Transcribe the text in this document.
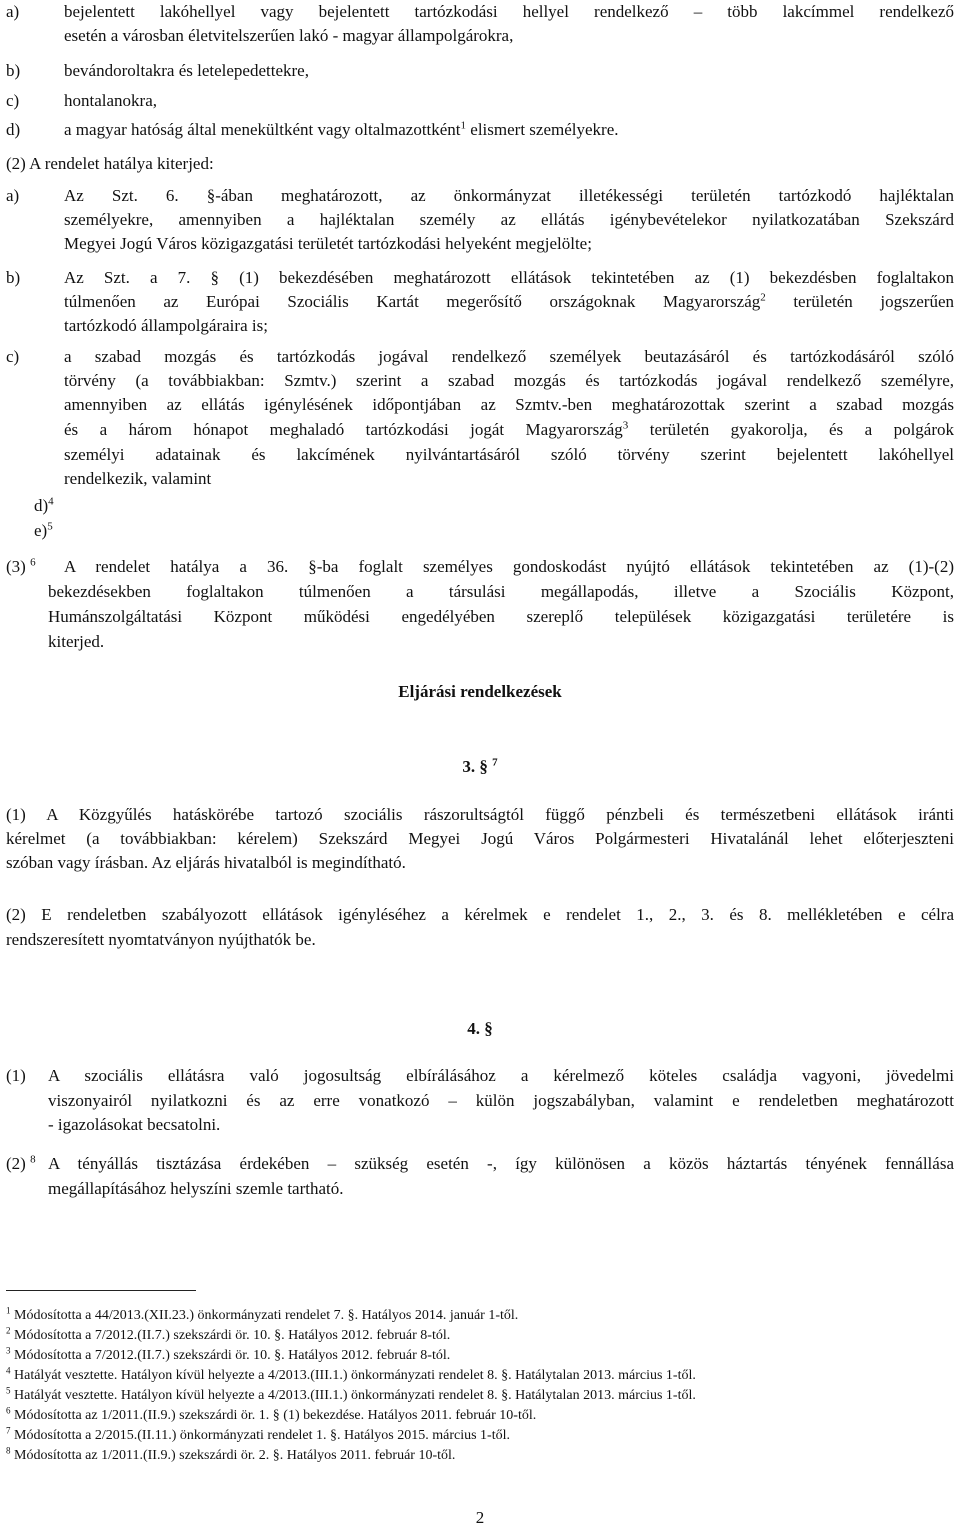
a)	bejelentett lakóhellyel vagy bejelentett tartózkodási hellyel rendelkező – több lakcímmel rendelkező
esetén a városban életvitelszerűen lakó - magyar állampolgárokra,
b)	bevándoroltakra és letelepedettekre,
c)	hontalanokra,
d)	a magyar hatóság által menekültként vagy oltalmazottként$^1$ elismert személyekre.
(2) A rendelet hatálya kiterjed:
a)	Az Szt. 6. §-ában meghatározott, az önkormányzat illetékességi területén tartózkodó hajléktalan
személyekre, amennyiben a hajléktalan személy az ellátás igénybevételekor nyilatkozatában Szekszárd
Megyei Jogú Város közigazgatási területét tartózkodási helyeként megjelölte;
b)	Az Szt. a 7. § (1) bekezdésében meghatározott ellátások tekintetében az (1) bekezdésben foglaltakon
túlmenően az Európai Szociális Kartát megerősítő országoknak Magyarország$^2$ területén jogszerűen
tartózkodó állampolgáraira is;
c)	a szabad mozgás és tartózkodás jogával rendelkező személyek beutazásáról és tartózkodásáról szóló
törvény (a továbbiakban: Szmtv.) szerint a szabad mozgás és tartózkodás jogával rendelkező személyre,
amennyiben az ellátás igénylésének időpontjában az Szmtv.-ben meghatározottak szerint a szabad mozgás
és a három hónapot meghaladó tartózkodási jogát Magyarország$^3$ területén gyakorolja, és a polgárok
személyi adatainak és lakcímének nyilvántartásáról szóló törvény szerint bejelentett lakóhellyel
rendelkezik, valamint
d)$^4$
e)$^5$
(3) $^6$ A rendelet hatálya a 36. §-ba foglalt személyes gondoskodást nyújtó ellátások tekintetében az (1)-(2)
bekezdésekben foglaltakon túlmenően a társulási megállapodás, illetve a Szociális Központ,
Humánszolgáltatási Központ működési engedélyében szereplő települések közigazgatási területére is
kiterjed.
Eljárási rendelkezések
3. § $^7$
(1) A Közgyűlés hatáskörébe tartozó szociális rászorultságtól függő pénzbeli és természetbeni ellátások iránti
kérelmet (a továbbiakban: kérelem) Szekszárd Megyei Jogú Város Polgármesteri Hivatalánál lehet előterjeszteni
szóban vagy írásban. Az eljárás hivatalból is megindítható.
(2) E rendeletben szabályozott ellátások igényléséhez a kérelmek e rendelet 1., 2., 3. és 8. mellékletében e célra
rendszeresített nyomtatványon nyújthatók be.
4. §
(1) A szociális ellátásra való jogosultság elbírálásához a kérelmező köteles családja vagyoni, jövedelmi
viszonyairól nyilatkozni és az erre vonatkozó – külön jogszabályban, valamint e rendeletben meghatározott
- igazolásokat becsatolni.
(2) $^8$ A tényállás tisztázása érdekében – szükség esetén -, így különösen a közös háztartás tényének fennállása
megállapításához helyszíni szemle tartható.
$^1$ Módosította a 44/2013.(XII.23.) önkormányzati rendelet 7. §. Hatályos 2014. január 1-től.
$^2$ Módosította a 7/2012.(II.7.) szekszárdi ör. 10. §. Hatályos 2012. február 8-tól.
$^3$ Módosította a 7/2012.(II.7.) szekszárdi ör. 10. §. Hatályos 2012. február 8-tól.
$^4$ Hatályát vesztette. Hatályon kívül helyezte a 4/2013.(III.1.) önkormányzati rendelet 8. §. Hatálytalan 2013. március 1-től.
$^5$ Hatályát vesztette. Hatályon kívül helyezte a 4/2013.(III.1.) önkormányzati rendelet 8. §. Hatálytalan 2013. március 1-től.
$^6$ Módosította az 1/2011.(II.9.) szekszárdi ör. 1. § (1) bekezdése. Hatályos 2011. február 10-től.
$^7$ Módosította a 2/2015.(II.11.) önkormányzati rendelet 1. §. Hatályos 2015. március 1-től.
$^8$ Módosította az 1/2011.(II.9.) szekszárdi ör. 2. §. Hatályos 2011. február 10-től.
2
